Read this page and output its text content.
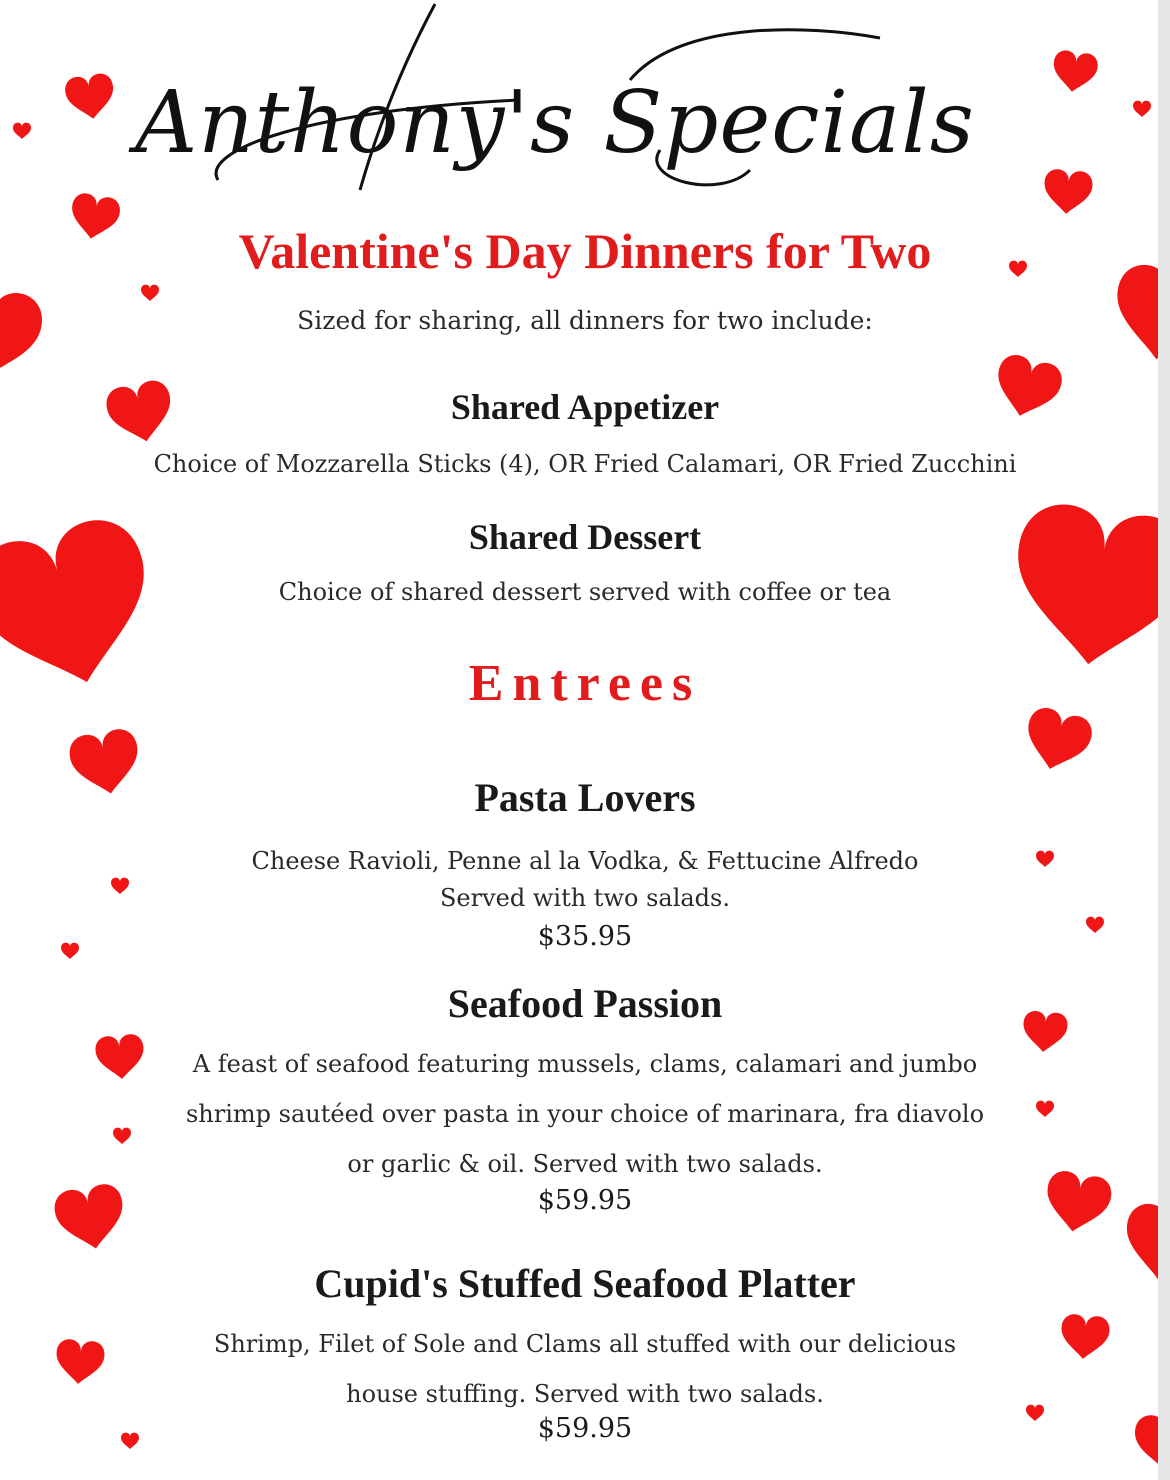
Anthony's Specials
Valentine's Day Dinners for Two
Sized for sharing, all dinners for two include:
Shared Appetizer
Choice of Mozzarella Sticks (4), OR Fried Calamari, OR Fried Zucchini
Shared Dessert
Choice of shared dessert served with coffee or tea
Entrees
Pasta Lovers
Cheese Ravioli, Penne al la Vodka, & Fettucine Alfredo
Served with two salads.
$35.95
Seafood Passion
A feast of seafood featuring mussels, clams, calamari and jumbo
shrimp sautéed over pasta in your choice of marinara, fra diavolo
or garlic & oil. Served with two salads.
$59.95
Cupid's Stuffed Seafood Platter
Shrimp, Filet of Sole and Clams all stuffed with our delicious
house stuffing. Served with two salads.
$59.95
